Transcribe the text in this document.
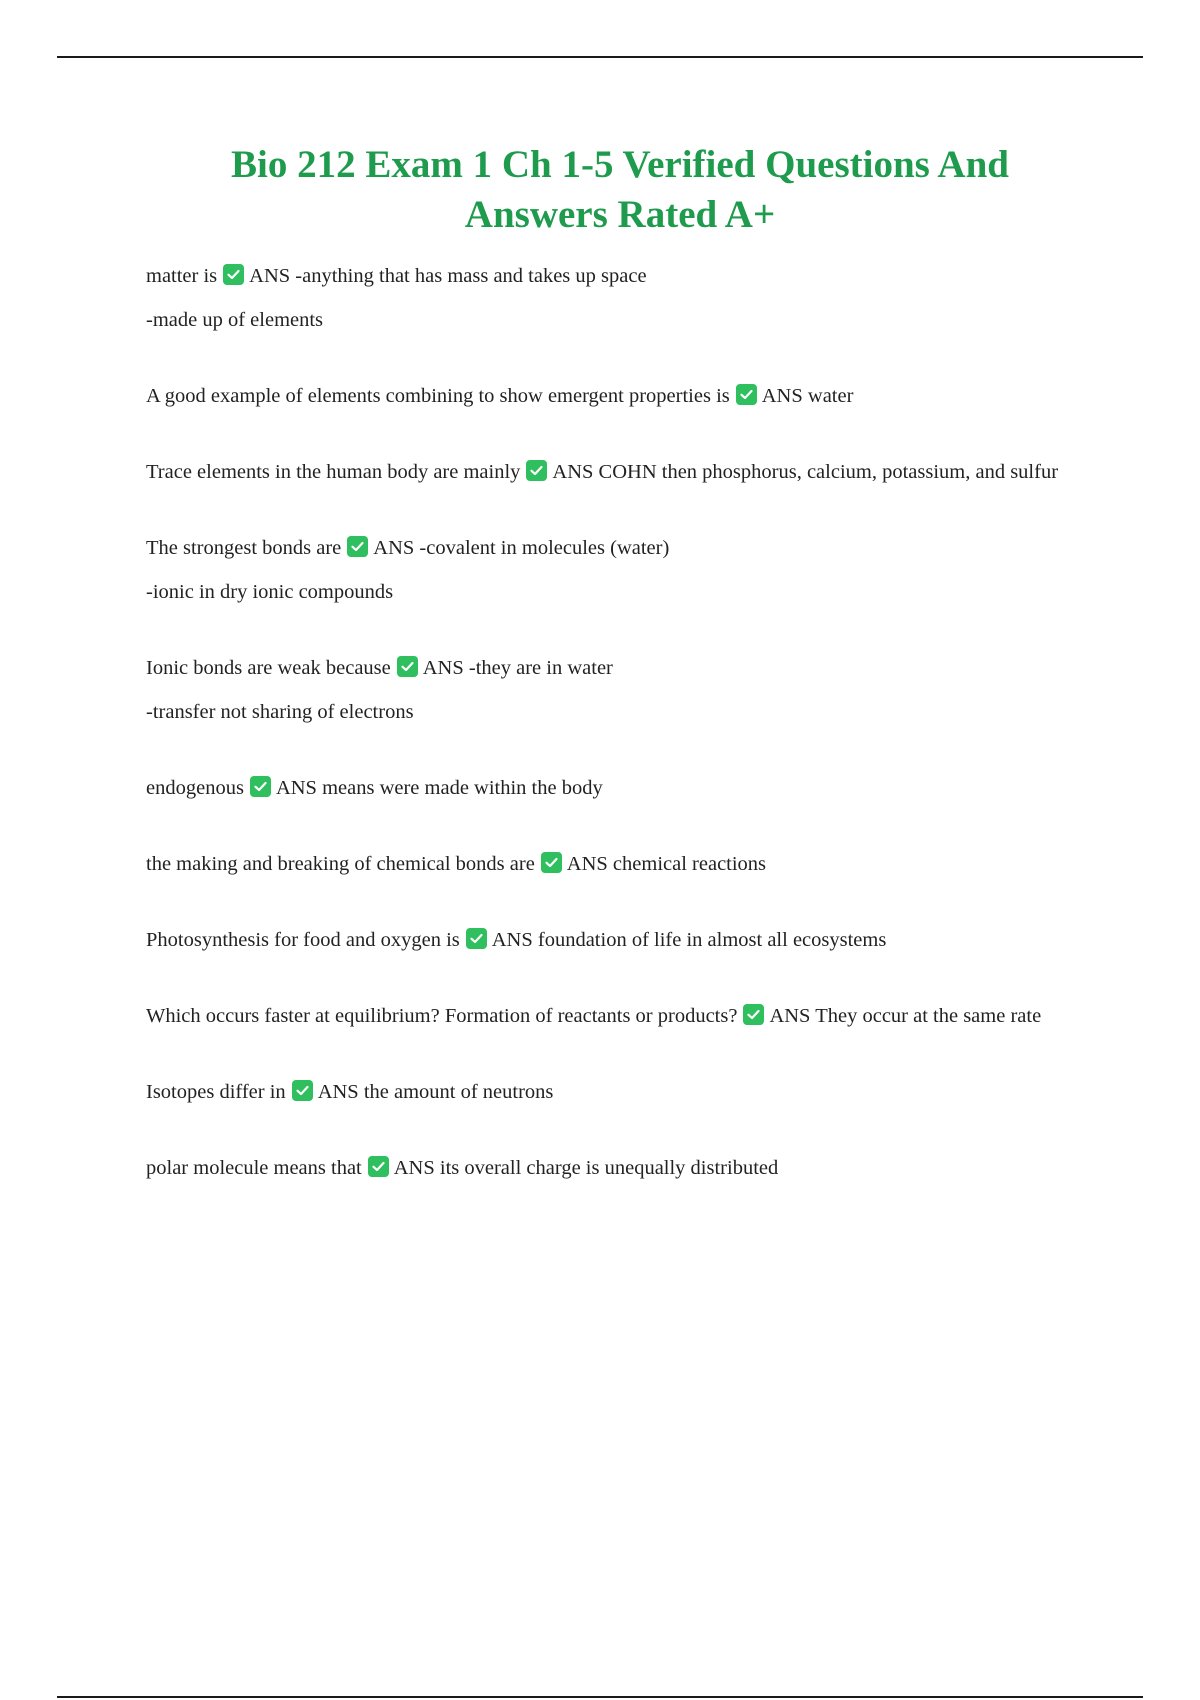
Bio 212 Exam 1 Ch 1-5 Verified Questions And Answers Rated A+

matter is ANS -anything that has mass and takes up space

-made up of elements

A good example of elements combining to show emergent properties is ANS water

Trace elements in the human body are mainly ANS COHN then phosphorus, calcium, potassium, and sulfur

The strongest bonds are ANS -covalent in molecules (water)

-ionic in dry ionic compounds

Ionic bonds are weak because ANS -they are in water

-transfer not sharing of electrons

endogenous ANS means were made within the body

the making and breaking of chemical bonds are ANS chemical reactions

Photosynthesis for food and oxygen is ANS foundation of life in almost all ecosystems

Which occurs faster at equilibrium? Formation of reactants or products? ANS They occur at the same rate

Isotopes differ in ANS the amount of neutrons

polar molecule means that ANS its overall charge is unequally distributed
